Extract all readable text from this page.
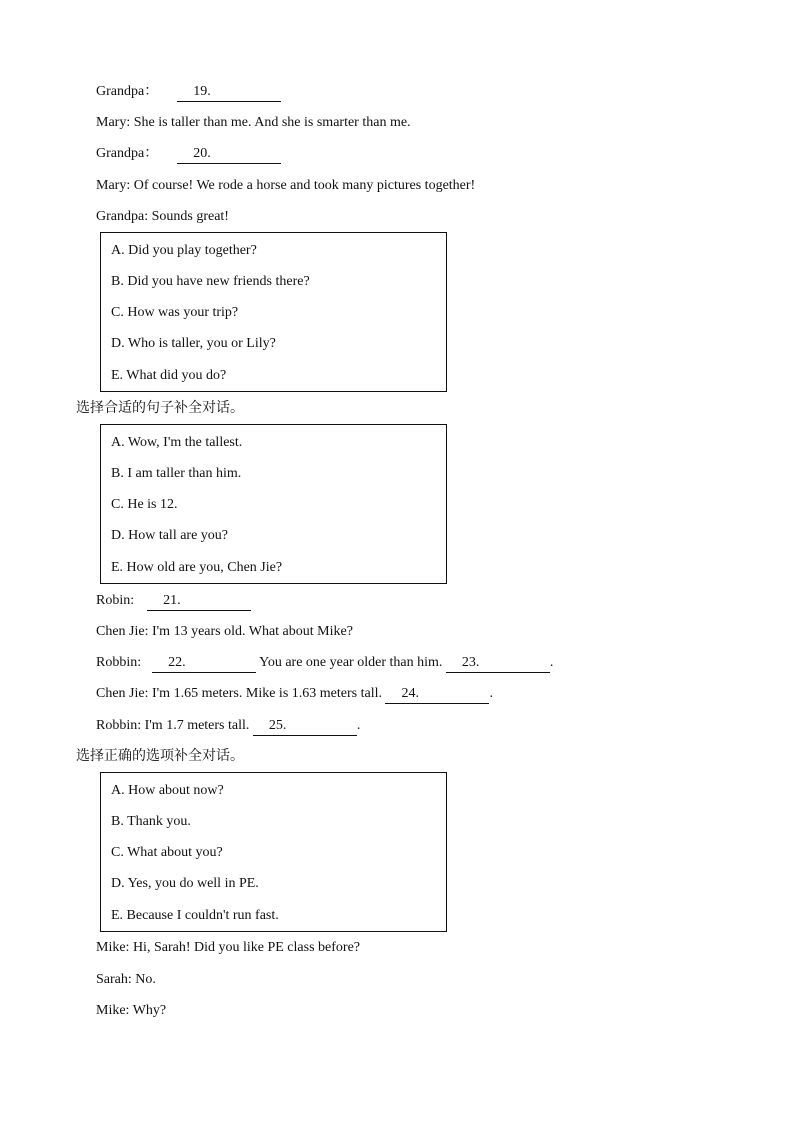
Grandpa：	19.
Mary: She is taller than me. And she is smarter than me.
Grandpa：	20.
Mary: Of course! We rode a horse and took many pictures together!
Grandpa: Sounds great!
A. Did you play together?
B. Did you have new friends there?
C. How was your trip?
D. Who is taller, you or Lily?
E. What did you do?
选择合适的句子补全对话。
A. Wow, I'm the tallest.
B. I am taller than him.
C. He is 12.
D. How tall are you?
E. How old are you, Chen Jie?
Robin: 21.
Chen Jie: I'm 13 years old. What about Mike?
Robbin: 22.	You are one year older than him. 23.	.
Chen Jie: I'm 1.65 meters. Mike is 1.63 meters tall. 24.	.
Robbin: I'm 1.7 meters tall. 25.	.
选择正确的选项补全对话。
A. How about now?
B. Thank you.
C. What about you?
D. Yes, you do well in PE.
E. Because I couldn't run fast.
Mike: Hi, Sarah! Did you like PE class before?
Sarah: No.
Mike: Why?
